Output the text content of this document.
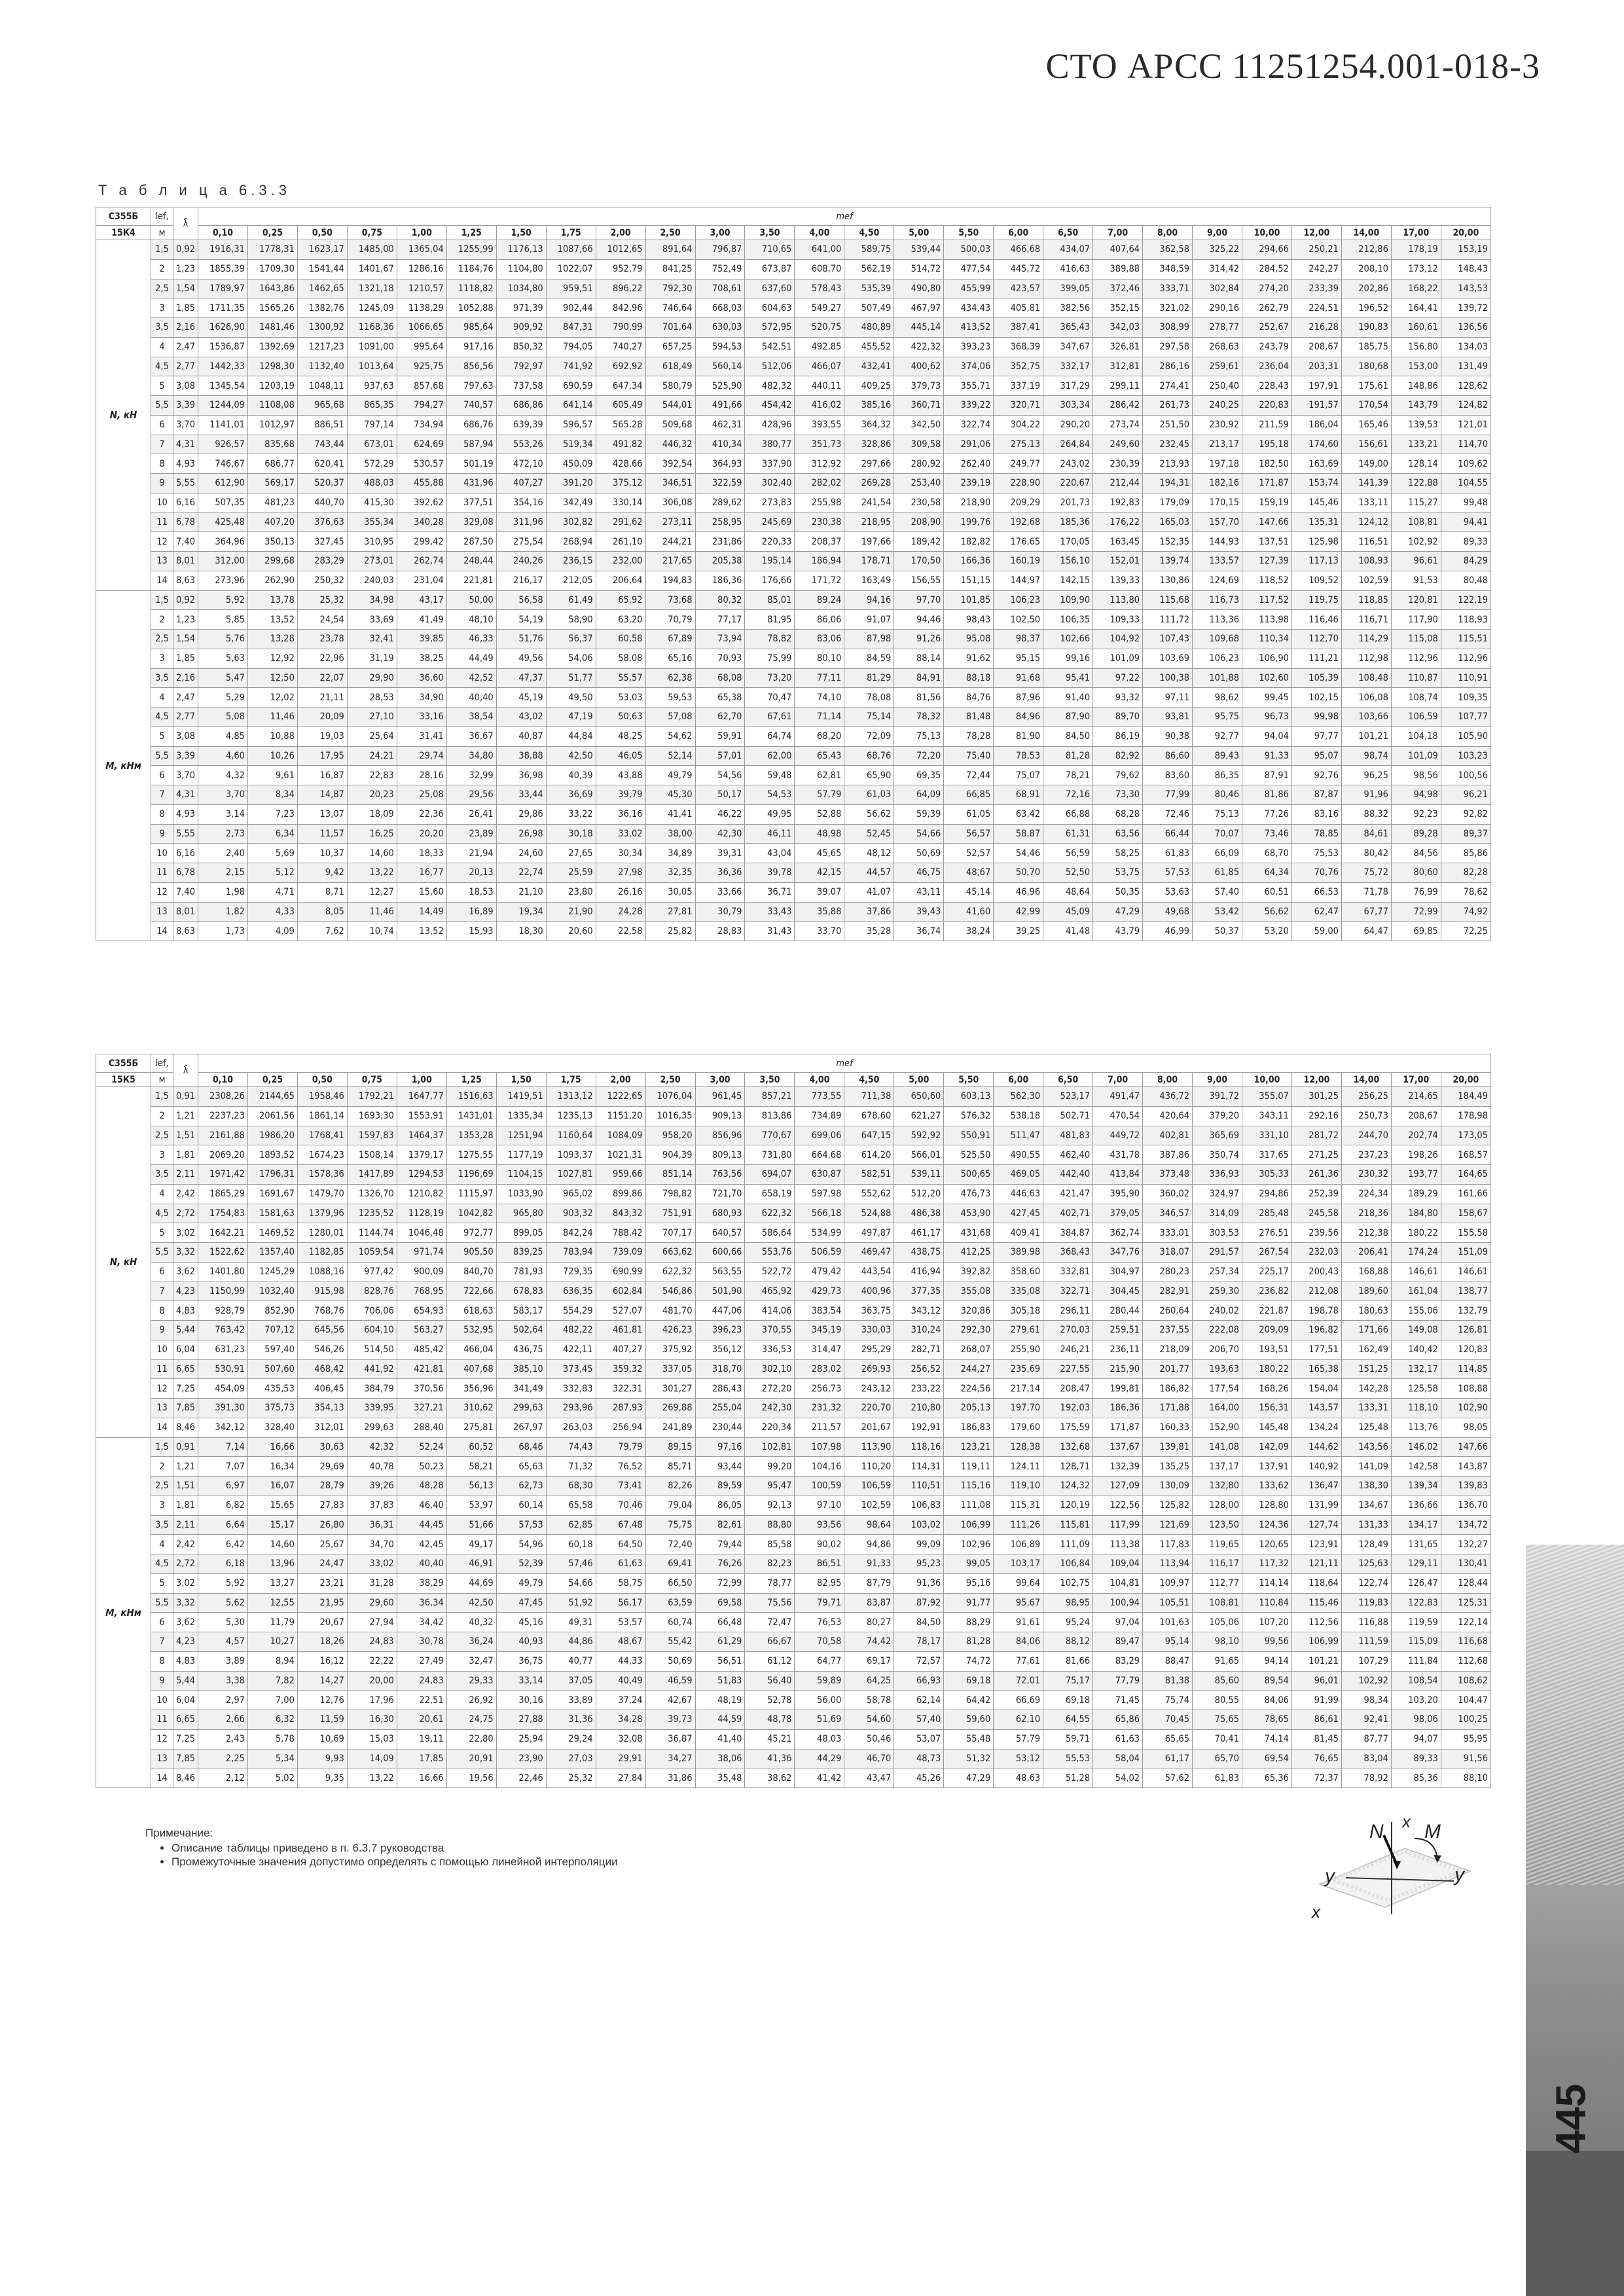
СТО АРСС 11251254.001-018-3
Т а б л и ц а 6.3.3
С355Б	lef,	λ̄	mef																									
15К4	м		0,10	0,25	0,50	0,75	1,00	1,25	1,50	1,75	2,00	2,50	3,00	3,50	4,00	4,50	5,00	5,50	6,00	6,50	7,00	8,00	9,00	10,00	12,00	14,00	17,00	20,00
N, кН	1,5	0,92	1916,31	1778,31	1623,17	1485,00	1365,04	1255,99	1176,13	1087,66	1012,65	891,64	796,87	710,65	641,00	589,75	539,44	500,03	466,68	434,07	407,64	362,58	325,22	294,66	250,21	212,86	178,19	153,19
	2	1,23	1855,39	1709,30	1541,44	1401,67	1286,16	1184,76	1104,80	1022,07	952,79	841,25	752,49	673,87	608,70	562,19	514,72	477,54	445,72	416,63	389,88	348,59	314,42	284,52	242,27	208,10	173,12	148,43
	2,5	1,54	1789,97	1643,86	1462,65	1321,18	1210,57	1118,82	1034,80	959,51	896,22	792,30	708,61	637,60	578,43	535,39	490,80	455,99	423,57	399,05	372,46	333,71	302,84	274,20	233,39	202,86	168,22	143,53
	3	1,85	1711,35	1565,26	1382,76	1245,09	1138,29	1052,88	971,39	902,44	842,96	746,64	668,03	604,63	549,27	507,49	467,97	434,43	405,81	382,56	352,15	321,02	290,16	262,79	224,51	196,52	164,41	139,72
	3,5	2,16	1626,90	1481,46	1300,92	1168,36	1066,65	985,64	909,92	847,31	790,99	701,64	630,03	572,95	520,75	480,89	445,14	413,52	387,41	365,43	342,03	308,99	278,77	252,67	216,28	190,83	160,61	136,56
	4	2,47	1536,87	1392,69	1217,23	1091,00	995,64	917,16	850,32	794,05	740,27	657,25	594,53	542,51	492,85	455,52	422,32	393,23	368,39	347,67	326,81	297,58	268,63	243,79	208,67	185,75	156,80	134,03
	4,5	2,77	1442,33	1298,30	1132,40	1013,64	925,75	856,56	792,97	741,92	692,92	618,49	560,14	512,06	466,07	432,41	400,62	374,06	352,75	332,17	312,81	286,16	259,61	236,04	203,31	180,68	153,00	131,49
	5	3,08	1345,54	1203,19	1048,11	937,63	857,68	797,63	737,58	690,59	647,34	580,79	525,90	482,32	440,11	409,25	379,73	355,71	337,19	317,29	299,11	274,41	250,40	228,43	197,91	175,61	148,86	128,62
	5,5	3,39	1244,09	1108,08	965,68	865,35	794,27	740,57	686,86	641,14	605,49	544,01	491,66	454,42	416,02	385,16	360,71	339,22	320,71	303,34	286,42	261,73	240,25	220,83	191,57	170,54	143,79	124,82
	6	3,70	1141,01	1012,97	886,51	797,14	734,94	686,76	639,39	596,57	565,28	509,68	462,31	428,96	393,55	364,32	342,50	322,74	304,22	290,20	273,74	251,50	230,92	211,59	186,04	165,46	139,53	121,01
	7	4,31	926,57	835,68	743,44	673,01	624,69	587,94	553,26	519,34	491,82	446,32	410,34	380,77	351,73	328,86	309,58	291,06	275,13	264,84	249,60	232,45	213,17	195,18	174,60	156,61	133,21	114,70
	8	4,93	746,67	686,77	620,41	572,29	530,57	501,19	472,10	450,09	428,66	392,54	364,93	337,90	312,92	297,66	280,92	262,40	249,77	243,02	230,39	213,93	197,18	182,50	163,69	149,00	128,14	109,62
	9	5,55	612,90	569,17	520,37	488,03	455,88	431,96	407,27	391,20	375,12	346,51	322,59	302,40	282,02	269,28	253,40	239,19	228,90	220,67	212,44	194,31	182,16	171,87	153,74	141,39	122,88	104,55
	10	6,16	507,35	481,23	440,70	415,30	392,62	377,51	354,16	342,49	330,14	306,08	289,62	273,83	255,98	241,54	230,58	218,90	209,29	201,73	192,83	179,09	170,15	159,19	145,46	133,11	115,27	99,48
	11	6,78	425,48	407,20	376,63	355,34	340,28	329,08	311,96	302,82	291,62	273,11	258,95	245,69	230,38	218,95	208,90	199,76	192,68	185,36	176,22	165,03	157,70	147,66	135,31	124,12	108,81	94,41
	12	7,40	364,96	350,13	327,45	310,95	299,42	287,50	275,54	268,94	261,10	244,21	231,86	220,33	208,37	197,66	189,42	182,82	176,65	170,05	163,45	152,35	144,93	137,51	125,98	116,51	102,92	89,33
	13	8,01	312,00	299,68	283,29	273,01	262,74	248,44	240,26	236,15	232,00	217,65	205,38	195,14	186,94	178,71	170,50	166,36	160,19	156,10	152,01	139,74	133,57	127,39	117,13	108,93	96,61	84,29
	14	8,63	273,96	262,90	250,32	240,03	231,04	221,81	216,17	212,05	206,64	194,83	186,36	176,66	171,72	163,49	156,55	151,15	144,97	142,15	139,33	130,86	124,69	118,52	109,52	102,59	91,53	80,48
M, кНм	1,5	0,92	5,92	13,78	25,32	34,98	43,17	50,00	56,58	61,49	65,92	73,68	80,32	85,01	89,24	94,16	97,70	101,85	106,23	109,90	113,80	115,68	116,73	117,52	119,75	118,85	120,81	122,19
	2	1,23	5,85	13,52	24,54	33,69	41,49	48,10	54,19	58,90	63,20	70,79	77,17	81,95	86,06	91,07	94,46	98,43	102,50	106,35	109,33	111,72	113,36	113,98	116,46	116,71	117,90	118,93
	2,5	1,54	5,76	13,28	23,78	32,41	39,85	46,33	51,76	56,37	60,58	67,89	73,94	78,82	83,06	87,98	91,26	95,08	98,37	102,66	104,92	107,43	109,68	110,34	112,70	114,29	115,08	115,51
	3	1,85	5,63	12,92	22,96	31,19	38,25	44,49	49,56	54,06	58,08	65,16	70,93	75,99	80,10	84,59	88,14	91,62	95,15	99,16	101,09	103,69	106,23	106,90	111,21	112,98	112,96	112,96
	3,5	2,16	5,47	12,50	22,07	29,90	36,60	42,52	47,37	51,77	55,57	62,38	68,08	73,20	77,11	81,29	84,91	88,18	91,68	95,41	97,22	100,38	101,88	102,60	105,39	108,48	110,87	110,91
	4	2,47	5,29	12,02	21,11	28,53	34,90	40,40	45,19	49,50	53,03	59,53	65,38	70,47	74,10	78,08	81,56	84,76	87,96	91,40	93,32	97,11	98,62	99,45	102,15	106,08	108,74	109,35
	4,5	2,77	5,08	11,46	20,09	27,10	33,16	38,54	43,02	47,19	50,63	57,08	62,70	67,61	71,14	75,14	78,32	81,48	84,96	87,90	89,70	93,81	95,75	96,73	99,98	103,66	106,59	107,77
	5	3,08	4,85	10,88	19,03	25,64	31,41	36,67	40,87	44,84	48,25	54,62	59,91	64,74	68,20	72,09	75,13	78,28	81,90	84,50	86,19	90,38	92,77	94,04	97,77	101,21	104,18	105,90
	5,5	3,39	4,60	10,26	17,95	24,21	29,74	34,80	38,88	42,50	46,05	52,14	57,01	62,00	65,43	68,76	72,20	75,40	78,53	81,28	82,92	86,60	89,43	91,33	95,07	98,74	101,09	103,23
	6	3,70	4,32	9,61	16,87	22,83	28,16	32,99	36,98	40,39	43,88	49,79	54,56	59,48	62,81	65,90	69,35	72,44	75,07	78,21	79,62	83,60	86,35	87,91	92,76	96,25	98,56	100,56
	7	4,31	3,70	8,34	14,87	20,23	25,08	29,56	33,44	36,69	39,79	45,30	50,17	54,53	57,79	61,03	64,09	66,85	68,91	72,16	73,30	77,99	80,46	81,86	87,87	91,96	94,98	96,21
	8	4,93	3,14	7,23	13,07	18,09	22,36	26,41	29,86	33,22	36,16	41,41	46,22	49,95	52,88	56,62	59,39	61,05	63,42	66,88	68,28	72,46	75,13	77,26	83,16	88,32	92,23	92,82
	9	5,55	2,73	6,34	11,57	16,25	20,20	23,89	26,98	30,18	33,02	38,00	42,30	46,11	48,98	52,45	54,66	56,57	58,87	61,31	63,56	66,44	70,07	73,46	78,85	84,61	89,28	89,37
	10	6,16	2,40	5,69	10,37	14,60	18,33	21,94	24,60	27,65	30,34	34,89	39,31	43,04	45,65	48,12	50,69	52,57	54,46	56,59	58,25	61,83	66,09	68,70	75,53	80,42	84,56	85,86
	11	6,78	2,15	5,12	9,42	13,22	16,77	20,13	22,74	25,59	27,98	32,35	36,36	39,78	42,15	44,57	46,75	48,67	50,70	52,50	53,75	57,53	61,85	64,34	70,76	75,72	80,60	82,28
	12	7,40	1,98	4,71	8,71	12,27	15,60	18,53	21,10	23,80	26,16	30,05	33,66	36,71	39,07	41,07	43,11	45,14	46,96	48,64	50,35	53,63	57,40	60,51	66,53	71,78	76,99	78,62
	13	8,01	1,82	4,33	8,05	11,46	14,49	16,89	19,34	21,90	24,28	27,81	30,79	33,43	35,88	37,86	39,43	41,60	42,99	45,09	47,29	49,68	53,42	56,62	62,47	67,77	72,99	74,92
	14	8,63	1,73	4,09	7,62	10,74	13,52	15,93	18,30	20,60	22,58	25,82	28,83	31,43	33,70	35,28	36,74	38,24	39,25	41,48	43,79	46,99	50,37	53,20	59,00	64,47	69,85	72,25
С355Б	lef,	λ̄	mef																									
15К5	м		0,10	0,25	0,50	0,75	1,00	1,25	1,50	1,75	2,00	2,50	3,00	3,50	4,00	4,50	5,00	5,50	6,00	6,50	7,00	8,00	9,00	10,00	12,00	14,00	17,00	20,00
N, кН	1,5	0,91	2308,26	2144,65	1958,46	1792,21	1647,77	1516,63	1419,51	1313,12	1222,65	1076,04	961,45	857,21	773,55	711,38	650,60	603,13	562,30	523,17	491,47	436,72	391,72	355,07	301,25	256,25	214,65	184,49
	2	1,21	2237,23	2061,56	1861,14	1693,30	1553,91	1431,01	1335,34	1235,13	1151,20	1016,35	909,13	813,86	734,89	678,60	621,27	576,32	538,18	502,71	470,54	420,64	379,20	343,11	292,16	250,73	208,67	178,98
	2,5	1,51	2161,88	1986,20	1768,41	1597,83	1464,37	1353,28	1251,94	1160,64	1084,09	958,20	856,96	770,67	699,06	647,15	592,92	550,91	511,47	481,83	449,72	402,81	365,69	331,10	281,72	244,70	202,74	173,05
	3	1,81	2069,20	1893,52	1674,23	1508,14	1379,17	1275,55	1177,19	1093,37	1021,31	904,39	809,13	731,80	664,68	614,20	566,01	525,50	490,55	462,40	431,78	387,86	350,74	317,65	271,25	237,23	198,26	168,57
	3,5	2,11	1971,42	1796,31	1578,36	1417,89	1294,53	1196,69	1104,15	1027,81	959,66	851,14	763,56	694,07	630,87	582,51	539,11	500,65	469,05	442,40	413,84	373,48	336,93	305,33	261,36	230,32	193,77	164,65
	4	2,42	1865,29	1691,67	1479,70	1326,70	1210,82	1115,97	1033,90	965,02	899,86	798,82	721,70	658,19	597,98	552,62	512,20	476,73	446,63	421,47	395,90	360,02	324,97	294,86	252,39	224,34	189,29	161,66
	4,5	2,72	1754,83	1581,63	1379,96	1235,52	1128,19	1042,82	965,80	903,32	843,32	751,91	680,93	622,32	566,18	524,88	486,38	453,90	427,45	402,71	379,05	346,57	314,09	285,48	245,58	218,36	184,80	158,67
	5	3,02	1642,21	1469,52	1280,01	1144,74	1046,48	972,77	899,05	842,24	788,42	707,17	640,57	586,64	534,99	497,87	461,17	431,68	409,41	384,87	362,74	333,01	303,53	276,51	239,56	212,38	180,22	155,58
	5,5	3,32	1522,62	1357,40	1182,85	1059,54	971,74	905,50	839,25	783,94	739,09	663,62	600,66	553,76	506,59	469,47	438,75	412,25	389,98	368,43	347,76	318,07	291,57	267,54	232,03	206,41	174,24	151,09
	6	3,62	1401,80	1245,29	1088,16	977,42	900,09	840,70	781,93	729,35	690,99	622,32	563,55	522,72	479,42	443,54	416,94	392,82	358,60	332,81	304,97	280,23	257,34	225,17	200,43	168,88	146,61	146,61
	7	4,23	1150,99	1032,40	915,98	828,76	768,95	722,66	678,83	636,35	602,84	546,86	501,90	465,92	429,73	400,96	377,35	355,08	335,08	322,71	304,45	282,91	259,30	236,82	212,08	189,60	161,04	138,77
	8	4,83	928,79	852,90	768,76	706,06	654,93	618,63	583,17	554,29	527,07	481,70	447,06	414,06	383,54	363,75	343,12	320,86	305,18	296,11	280,44	260,64	240,02	221,87	198,78	180,63	155,06	132,79
	9	5,44	763,42	707,12	645,56	604,10	563,27	532,95	502,64	482,22	461,81	426,23	396,23	370,55	345,19	330,03	310,24	292,30	279,61	270,03	259,51	237,55	222,08	209,09	196,82	171,66	149,08	126,81
	10	6,04	631,23	597,40	546,26	514,50	485,42	466,04	436,75	422,11	407,27	375,92	356,12	336,53	314,47	295,29	282,71	268,07	255,90	246,21	236,11	218,09	206,70	193,51	177,51	162,49	140,42	120,83
	11	6,65	530,91	507,60	468,42	441,92	421,81	407,68	385,10	373,45	359,32	337,05	318,70	302,10	283,02	269,93	256,52	244,27	235,69	227,55	215,90	201,77	193,63	180,22	165,38	151,25	132,17	114,85
	12	7,25	454,09	435,53	406,45	384,79	370,56	356,96	341,49	332,83	322,31	301,27	286,43	272,20	256,73	243,12	233,22	224,56	217,14	208,47	199,81	186,82	177,54	168,26	154,04	142,28	125,58	108,88
	13	7,85	391,30	375,73	354,13	339,95	327,21	310,62	299,63	293,96	287,93	269,88	255,04	242,30	231,32	220,70	210,80	205,13	197,70	192,03	186,36	171,88	164,00	156,31	143,57	133,31	118,10	102,90
	14	8,46	342,12	328,40	312,01	299,63	288,40	275,81	267,97	263,03	256,94	241,89	230,44	220,34	211,57	201,67	192,91	186,83	179,60	175,59	171,87	160,33	152,90	145,48	134,24	125,48	113,76	98,05
M, кНм	1,5	0,91	7,14	16,66	30,63	42,32	52,24	60,52	68,46	74,43	79,79	89,15	97,16	102,81	107,98	113,90	118,16	123,21	128,38	132,68	137,67	139,81	141,08	142,09	144,62	143,56	146,02	147,66
	2	1,21	7,07	16,34	29,69	40,78	50,23	58,21	65,63	71,32	76,52	85,71	93,44	99,20	104,16	110,20	114,31	119,11	124,11	128,71	132,39	135,25	137,17	137,91	140,92	141,09	142,58	143,87
	2,5	1,51	6,97	16,07	28,79	39,26	48,28	56,13	62,73	68,30	73,41	82,26	89,59	95,47	100,59	106,59	110,51	115,16	119,10	124,32	127,09	130,09	132,80	133,62	136,47	138,30	139,34	139,83
	3	1,81	6,82	15,65	27,83	37,83	46,40	53,97	60,14	65,58	70,46	79,04	86,05	92,13	97,10	102,59	106,83	111,08	115,31	120,19	122,56	125,82	128,00	128,80	131,99	134,67	136,66	136,70
	3,5	2,11	6,64	15,17	26,80	36,31	44,45	51,66	57,53	62,85	67,48	75,75	82,61	88,80	93,56	98,64	103,02	106,99	111,26	115,81	117,99	121,69	123,50	124,36	127,74	131,33	134,17	134,72
	4	2,42	6,42	14,60	25,67	34,70	42,45	49,17	54,96	60,18	64,50	72,40	79,44	85,58	90,02	94,86	99,09	102,96	106,89	111,09	113,38	117,83	119,65	120,65	123,91	128,49	131,65	132,27
	4,5	2,72	6,18	13,96	24,47	33,02	40,40	46,91	52,39	57,46	61,63	69,41	76,26	82,23	86,51	91,33	95,23	99,05	103,17	106,84	109,04	113,94	116,17	117,32	121,11	125,63	129,11	130,41
	5	3,02	5,92	13,27	23,21	31,28	38,29	44,69	49,79	54,66	58,75	66,50	72,99	78,77	82,95	87,79	91,36	95,16	99,64	102,75	104,81	109,97	112,77	114,14	118,64	122,74	126,47	128,44
	5,5	3,32	5,62	12,55	21,95	29,60	36,34	42,50	47,45	51,92	56,17	63,59	69,58	75,56	79,71	83,87	87,92	91,77	95,67	98,95	100,94	105,51	108,81	110,84	115,46	119,83	122,83	125,31
	6	3,62	5,30	11,79	20,67	27,94	34,42	40,32	45,16	49,31	53,57	60,74	66,48	72,47	76,53	80,27	84,50	88,29	91,61	95,24	97,04	101,63	105,06	107,20	112,56	116,88	119,59	122,14
	7	4,23	4,57	10,27	18,26	24,83	30,78	36,24	40,93	44,86	48,67	55,42	61,29	66,67	70,58	74,42	78,17	81,28	84,06	88,12	89,47	95,14	98,10	99,56	106,99	111,59	115,09	116,68
	8	4,83	3,89	8,94	16,12	22,22	27,49	32,47	36,75	40,77	44,33	50,69	56,51	61,12	64,77	69,17	72,57	74,72	77,61	81,66	83,29	88,47	91,65	94,14	101,21	107,29	111,84	112,68
	9	5,44	3,38	7,82	14,27	20,00	24,83	29,33	33,14	37,05	40,49	46,59	51,83	56,40	59,89	64,25	66,93	69,18	72,01	75,17	77,79	81,38	85,60	89,54	96,01	102,92	108,54	108,62
	10	6,04	2,97	7,00	12,76	17,96	22,51	26,92	30,16	33,89	37,24	42,67	48,19	52,78	56,00	58,78	62,14	64,42	66,69	69,18	71,45	75,74	80,55	84,06	91,99	98,34	103,20	104,47
	11	6,65	2,66	6,32	11,59	16,30	20,61	24,75	27,88	31,36	34,28	39,73	44,59	48,78	51,69	54,60	57,40	59,60	62,10	64,55	65,86	70,45	75,65	78,65	86,61	92,41	98,06	100,25
	12	7,25	2,43	5,78	10,69	15,03	19,11	22,80	25,94	29,24	32,08	36,87	41,40	45,21	48,03	50,46	53,07	55,48	57,79	59,71	61,63	65,65	70,41	74,14	81,45	87,77	94,07	95,95
	13	7,85	2,25	5,34	9,93	14,09	17,85	20,91	23,90	27,03	29,91	34,27	38,06	41,36	44,29	46,70	48,73	51,32	53,12	55,53	58,04	61,17	65,70	69,54	76,65	83,04	89,33	91,56
	14	8,46	2,12	5,02	9,35	13,22	16,66	19,56	22,46	25,32	27,84	31,86	35,48	38,62	41,42	43,47	45,26	47,29	48,63	51,28	54,02	57,62	61,83	65,36	72,37	78,92	85,36	88,10
Примечание:
• Описание таблицы приведено в п. 6.3.7 руководства
• Промежуточные значения допустимо определять с помощью линейной интерполяции
N x M
y	y
x
445
